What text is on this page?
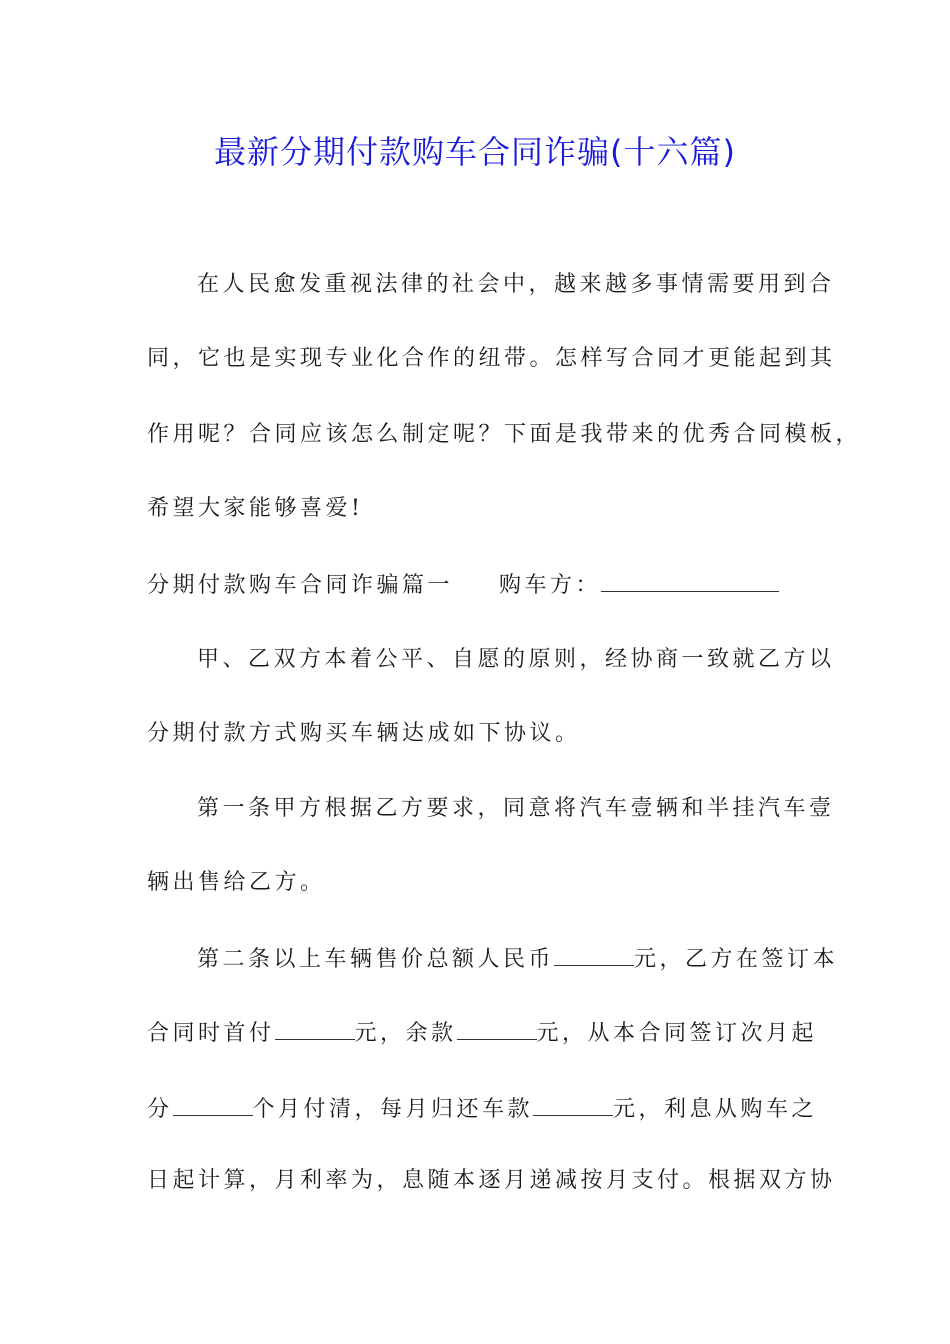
最新分期付款购车合同诈骗(十六篇)
在人民愈发重视法律的社会中，越来越多事情需要用到合
同，它也是实现专业化合作的纽带。怎样写合同才更能起到其
作用呢？合同应该怎么制定呢？下面是我带来的优秀合同模板，
希望大家能够喜爱!
分期付款购车合同诈骗篇一 购车方：
甲、乙双方本着公平、自愿的原则，经协商一致就乙方以
分期付款方式购买车辆达成如下协议。
第一条甲方根据乙方要求，同意将汽车壹辆和半挂汽车壹
辆出售给乙方。
第二条以上车辆售价总额人民币	元，乙方在签订本
合同时首付	元，余款	元，从本合同签订次月起
分	个月付清，每月归还车款	元，利息从购车之
日起计算，月利率为，息随本逐月递减按月支付。根据双方协
